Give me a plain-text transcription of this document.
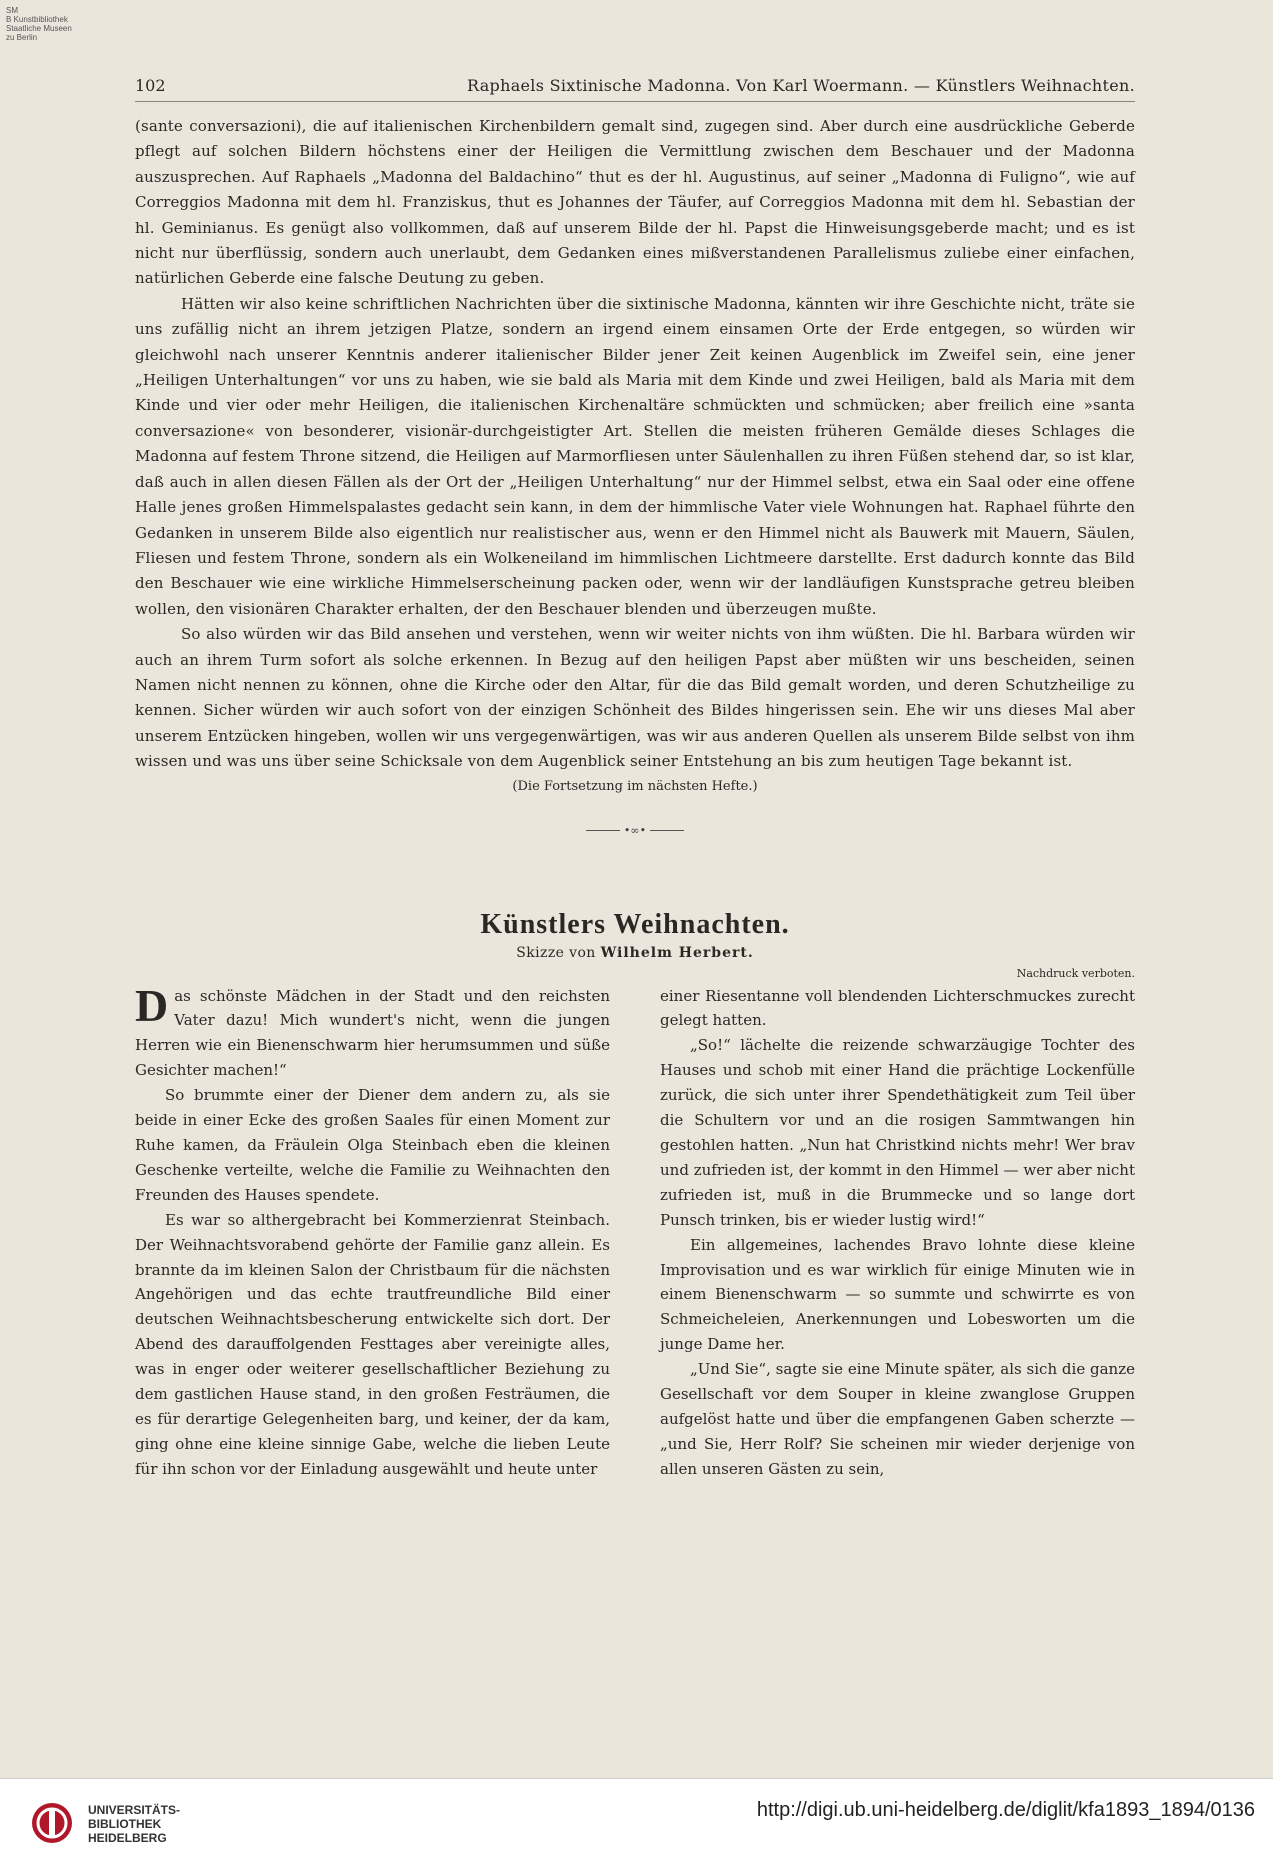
SM
B Kunstbibliothek
Staatliche Museen
zu Berlin
102	Raphaels Sixtinische Madonna. Von Karl Woermann. — Künstlers Weihnachten.

(sante conversazioni), die auf italienischen Kirchenbildern gemalt sind, zugegen sind. Aber durch eine ausdrückliche Geberde pflegt auf solchen Bildern höchstens einer der Heiligen die Vermittlung zwischen dem Beschauer und der Madonna auszusprechen. Auf Raphaels „Madonna del Baldachino“ thut es der hl. Augustinus, auf seiner „Madonna di Fuligno“, wie auf Correggios Madonna mit dem hl. Franziskus, thut es Johannes der Täufer, auf Correggios Madonna mit dem hl. Sebastian der hl. Geminianus. Es genügt also vollkommen, daß auf unserem Bilde der hl. Papst die Hinweisungsgeberde macht; und es ist nicht nur überflüssig, sondern auch unerlaubt, dem Gedanken eines mißverstandenen Parallelismus zuliebe einer einfachen, natürlichen Geberde eine falsche Deutung zu geben.

Hätten wir also keine schriftlichen Nachrichten über die sixtinische Madonna, kännten wir ihre Geschichte nicht, träte sie uns zufällig nicht an ihrem jetzigen Platze, sondern an irgend einem einsamen Orte der Erde entgegen, so würden wir gleichwohl nach unserer Kenntnis anderer italienischer Bilder jener Zeit keinen Augenblick im Zweifel sein, eine jener „Heiligen Unterhaltungen“ vor uns zu haben, wie sie bald als Maria mit dem Kinde und zwei Heiligen, bald als Maria mit dem Kinde und vier oder mehr Heiligen, die italienischen Kirchenaltäre schmückten und schmücken; aber freilich eine »santa conversazione« von besonderer, visionär-durchgeistigter Art. Stellen die meisten früheren Gemälde dieses Schlages die Madonna auf festem Throne sitzend, die Heiligen auf Marmorfliesen unter Säulenhallen zu ihren Füßen stehend dar, so ist klar, daß auch in allen diesen Fällen als der Ort der „Heiligen Unterhaltung“ nur der Himmel selbst, etwa ein Saal oder eine offene Halle jenes großen Himmelspalastes gedacht sein kann, in dem der himmlische Vater viele Wohnungen hat. Raphael führte den Gedanken in unserem Bilde also eigentlich nur realistischer aus, wenn er den Himmel nicht als Bauwerk mit Mauern, Säulen, Fliesen und festem Throne, sondern als ein Wolkeneiland im himmlischen Lichtmeere darstellte. Erst dadurch konnte das Bild den Beschauer wie eine wirkliche Himmelserscheinung packen oder, wenn wir der landläufigen Kunstsprache getreu bleiben wollen, den visionären Charakter erhalten, der den Beschauer blenden und überzeugen mußte.

So also würden wir das Bild ansehen und verstehen, wenn wir weiter nichts von ihm wüßten. Die hl. Barbara würden wir auch an ihrem Turm sofort als solche erkennen. In Bezug auf den heiligen Papst aber müßten wir uns bescheiden, seinen Namen nicht nennen zu können, ohne die Kirche oder den Altar, für die das Bild gemalt worden, und deren Schutzheilige zu kennen. Sicher würden wir auch sofort von der einzigen Schönheit des Bildes hingerissen sein. Ehe wir uns dieses Mal aber unserem Entzücken hingeben, wollen wir uns vergegenwärtigen, was wir aus anderen Quellen als unserem Bilde selbst von ihm wissen und was uns über seine Schicksale von dem Augenblick seiner Entstehung an bis zum heutigen Tage bekannt ist.

(Die Fortsetzung im nächsten Hefte.)
•∞•
Künstlers Weihnachten.
Skizze von Wilhelm Herbert.
Nachdruck verboten.

Das schönste Mädchen in der Stadt und den reichsten Vater dazu! Mich wundert's nicht, wenn die jungen Herren wie ein Bienenschwarm hier herumsummen und süße Gesichter machen!“

So brummte einer der Diener dem andern zu, als sie beide in einer Ecke des großen Saales für einen Moment zur Ruhe kamen, da Fräulein Olga Steinbach eben die kleinen Geschenke verteilte, welche die Familie zu Weihnachten den Freunden des Hauses spendete.

Es war so althergebracht bei Kommerzienrat Steinbach. Der Weihnachtsvorabend gehörte der Familie ganz allein. Es brannte da im kleinen Salon der Christbaum für die nächsten Angehörigen und das echte trautfreundliche Bild einer deutschen Weihnachtsbescherung entwickelte sich dort. Der Abend des darauffolgenden Festtages aber vereinigte alles, was in enger oder weiterer gesellschaftlicher Beziehung zu dem gastlichen Hause stand, in den großen Festräumen, die es für derartige Gelegenheiten barg, und keiner, der da kam, ging ohne eine kleine sinnige Gabe, welche die lieben Leute für ihn schon vor der Einladung ausgewählt und heute unter

einer Riesentanne voll blendenden Lichterschmuckes zurecht gelegt hatten.

„So!“ lächelte die reizende schwarzäugige Tochter des Hauses und schob mit einer Hand die prächtige Lockenfülle zurück, die sich unter ihrer Spendethätigkeit zum Teil über die Schultern vor und an die rosigen Sammtwangen hin gestohlen hatten. „Nun hat Christkind nichts mehr! Wer brav und zufrieden ist, der kommt in den Himmel — wer aber nicht zufrieden ist, muß in die Brummecke und so lange dort Punsch trinken, bis er wieder lustig wird!“

Ein allgemeines, lachendes Bravo lohnte diese kleine Improvisation und es war wirklich für einige Minuten wie in einem Bienenschwarm — so summte und schwirrte es von Schmeicheleien, Anerkennungen und Lobesworten um die junge Dame her.

„Und Sie“, sagte sie eine Minute später, als sich die ganze Gesellschaft vor dem Souper in kleine zwanglose Gruppen aufgelöst hatte und über die empfangenen Gaben scherzte — „und Sie, Herr Rolf? Sie scheinen mir wieder derjenige von allen unseren Gästen zu sein,

UNIVERSITÄTS-
BIBLIOTHEK
HEIDELBERG
http://digi.ub.uni-heidelberg.de/diglit/kfa1893_1894/0136
